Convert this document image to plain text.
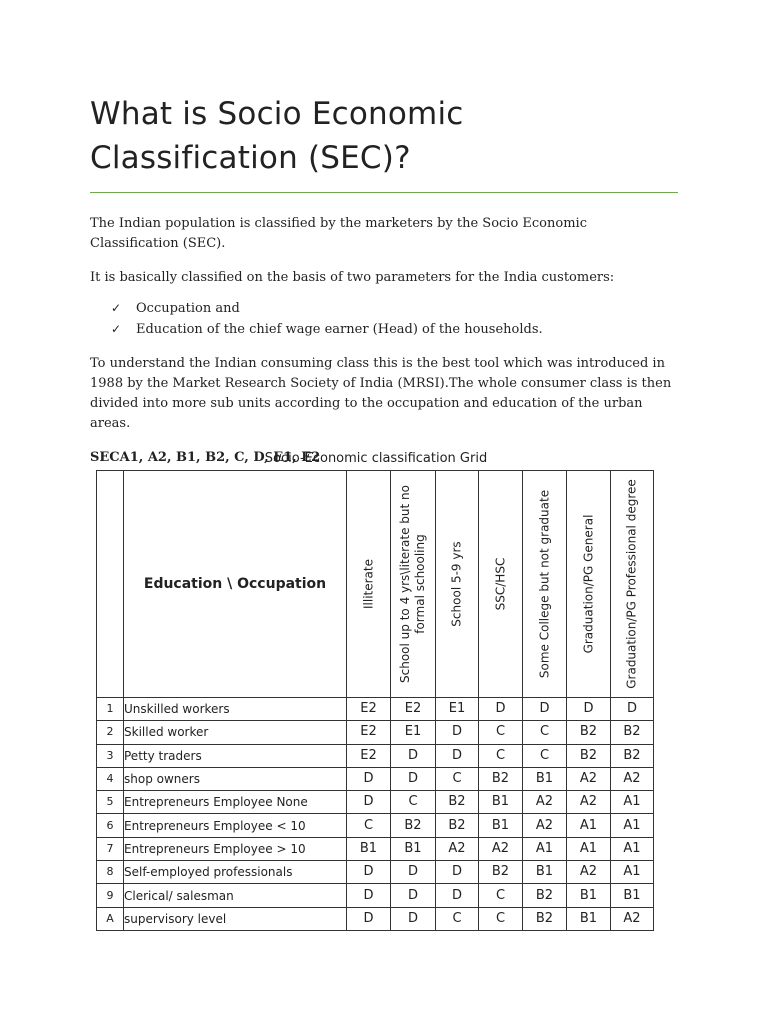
What is Socio Economic Classification (SEC)?

The Indian population is classified by the marketers by the Socio Economic Classification (SEC).

It is basically classified on the basis of two parameters for the India customers:

✓	Occupation and
✓	Education of the chief wage earner (Head) of the households.

To understand the Indian consuming class this is the best tool which was introduced in 1988 by the Market Research Society of India (MRSI).The whole consumer class is then divided into more sub units according to the occupation and education of the urban areas.

SECA1, A2, B1, B2, C, D, E1, E2
Socio-Economic classification Grid
	Education \ Occupation	Illiterate	School up to 4 yrs\literate but no formal schooling	School 5-9 yrs	SSC/HSC	Some College but not graduate	Graduation/PG General	Graduation/PG Professional degree

1	Unskilled workers	E2	E2	E1	D	D	D	D
2	Skilled worker	E2	E1	D	C	C	B2	B2
3	Petty traders	E2	D	D	C	C	B2	B2
4	shop owners	D	D	C	B2	B1	A2	A2
5	Entrepreneurs Employee None	D	C	B2	B1	A2	A2	A1
6	Entrepreneurs Employee < 10	C	B2	B2	B1	A2	A1	A1
7	Entrepreneurs Employee > 10	B1	B1	A2	A2	A1	A1	A1
8	Self-employed professionals	D	D	D	B2	B1	A2	A1
9	Clerical/ salesman	D	D	D	C	B2	B1	B1
A	supervisory level	D	D	C	C	B2	B1	A2
